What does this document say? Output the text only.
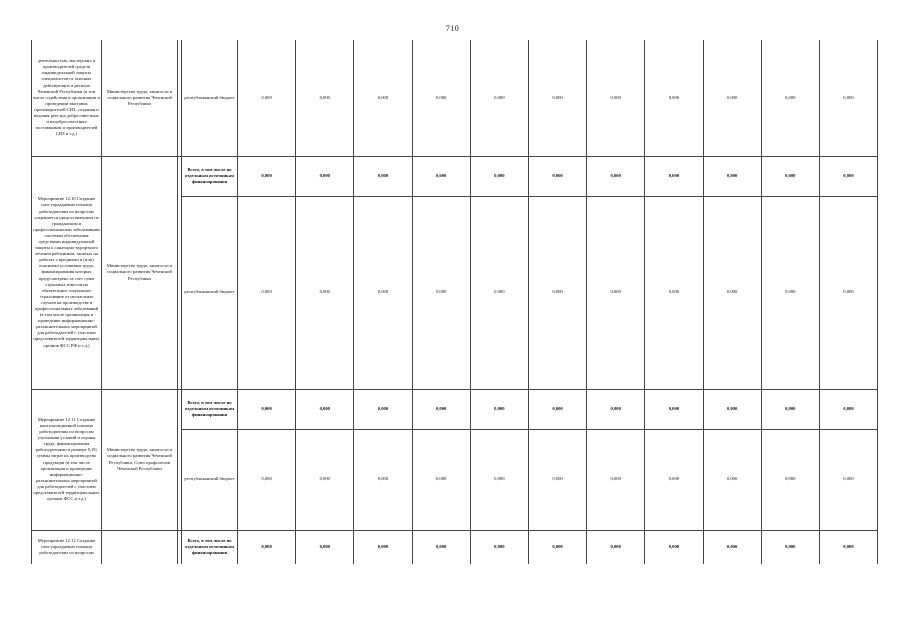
710
деятельностью, мастерских и производителей средств индивидуальной защиты специалистов от опасных действующих в регионе Чеченской Республики (в том числе содействия в организации и проведении выставок производителей СИЗ, создания и ведения реестра добросовестных и недобросовестных поставщиков и производителей СИЗ и т.д.)	Министерство труда, занятости и социального развития Чеченской Республики		республиканский бюджет	0,000	0,000	0,000	0,000	0,000	0,000	0,000	0,000	0,000	0,000	0,000
Мероприятие 12.10 Создание com-упразднение помощи работодателям по вопросам «охраняется предоставлением по гражданским и профессиональным заболеваниям системам обеспечения средствами индивидуальной защиты к санаторно-курортного лечения работников, занятых на работах с вредными и (или) опасными условиями труда, финансирования которых предусмотрено за счет сумм страховых взносов на обязательное социальное страхование от несчастных случаев на производстве и профессиональных заболеваний (в том числе организация и проведение информационно-разъяснительных мероприятий для работодателей с участием представителей территориальных органов ФСС РФ и т.д.)	Министерство труда, занятости и социального развития Чеченской Республики		Всего, в том числе по отдельным источникам финансирования	0,000	0,000	0,000	0,000	0,000	0,000	0,000	0,000	0,000	0,000	0,000
			республиканский бюджет	0,000	0,000	0,000	0,000	0,000	0,000	0,000	0,000	0,000	0,000	0,000
Мероприятие 12.11 Создание консультационной помощи работодателям по вопросам улучшения условий и охраны труда, финансирования работодателями в размере 0,2% суммы затрат на производство продукции (в том числе организация и проведение информационно-разъяснительных мероприятий для работодателей с участием представителей территориальных органов ФСС и т.д.)	Министерство труда, занятости и социального развития Чеченской Республики, Союз профсоюзов Чеченской Республики		Всего, в том числе по отдельным источникам финансирования	0,000	0,000	0,000	0,000	0,000	0,000	0,000	0,000	0,000	0,000	0,000
			республиканский бюджет	0,000	0,000	0,000	0,000	0,000	0,000	0,000	0,000	0,000	0,000	0,000
Мероприятие 12.12 Создание com-упразднение помощи работодателям по вопросам			Всего, в том числе по отдельным источникам финансирования	0,000	0,000	0,000	0,000	0,000	0,000	0,000	0,000	0,000	0,000	0,000
